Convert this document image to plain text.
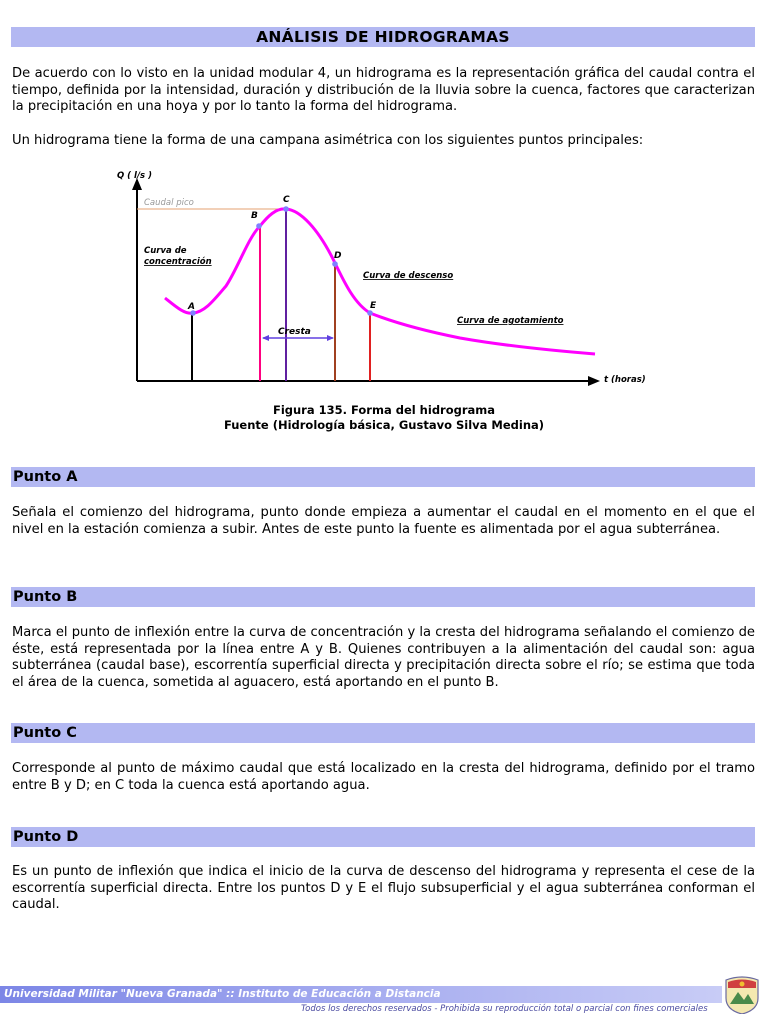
ANÁLISIS DE HIDROGRAMAS
De acuerdo con lo visto en la unidad modular 4, un hidrograma es la representación gráfica del caudal contra el tiempo, definida por la intensidad, duración y distribución de la lluvia sobre la cuenca, factores que caracterizan la precipitación en una hoya y por lo tanto la forma del hidrograma.
Un hidrograma tiene la forma de una campana asimétrica con los siguientes puntos principales:
Q ( l/s )
t (horas)
Caudal pico
Cresta
A
B
C
D
E
Curva de
concentración
Curva de descenso
Curva de agotamiento
Figura 135. Forma del hidrograma
Fuente (Hidrología básica, Gustavo Silva Medina)
Punto A
Señala el comienzo del hidrograma, punto donde empieza a aumentar el caudal en el momento en el que el nivel en la estación comienza a subir. Antes de este punto la fuente es alimentada por el agua subterránea.
Punto B
Marca el punto de inflexión entre la curva de concentración y la cresta del hidrograma señalando el comienzo de éste, está representada por la línea entre A y B. Quienes contribuyen a la alimentación del caudal son: agua subterránea (caudal base), escorrentía superficial directa y precipitación directa sobre el río; se estima que toda el área de la cuenca, sometida al aguacero, está aportando en el punto B.
Punto C
Corresponde al punto de máximo caudal que está localizado en la cresta del hidrograma, definido por el tramo entre B y D; en C toda la cuenca está aportando agua.
Punto D
Es un punto de inflexión que indica el inicio de la curva de descenso del hidrograma y representa el cese de la escorrentía superficial directa. Entre los puntos D y E el flujo subsuperficial y el agua subterránea conforman el caudal.
Universidad Militar "Nueva Granada" :: Instituto de Educación a Distancia
Todos los derechos reservados - Prohibida su reproducción total o parcial con fines comerciales
